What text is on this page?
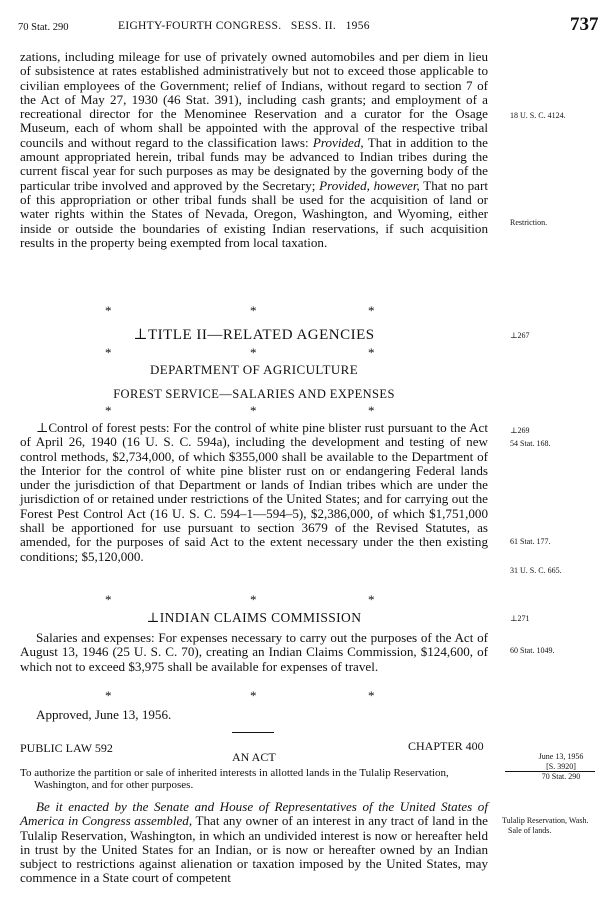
70 Stat. 290	EIGHTY-FOURTH CONGRESS.   SESS. II.   1956	737

zations, including mileage for use of privately owned automobiles and per diem in lieu of subsistence at rates established administratively but not to exceed those applicable to civilian employees of the Government; relief of Indians, without regard to section 7 of the Act of May 27, 1930 (46 Stat. 391), including cash grants; and employment of a recreational director for the Menominee Reservation and a curator for the Osage Museum, each of whom shall be appointed with the approval of the respective tribal councils and without regard to the classification laws: Provided, That in addition to the amount appropriated herein, tribal funds may be advanced to Indian tribes during the current fiscal year for such purposes as may be designated by the governing body of the particular tribe involved and approved by the Secretary; Provided, however, That no part of this appropriation or other tribal funds shall be used for the acquisition of land or water rights within the States of Nevada, Oregon, Washington, and Wyoming, either inside or outside the boundaries of existing Indian reservations, if such acquisition results in the property being exempted from local taxation.

*	*	*
⊥TITLE II—RELATED AGENCIES
*	*	*
DEPARTMENT OF AGRICULTURE
FOREST SERVICE—SALARIES AND EXPENSES
*	*	*

⊥Control of forest pests: For the control of white pine blister rust pursuant to the Act of April 26, 1940 (16 U. S. C. 594a), including the development and testing of new control methods, $2,734,000, of which $355,000 shall be available to the Department of the Interior for the control of white pine blister rust on or endangering Federal lands under the jurisdiction of that Department or lands of Indian tribes which are under the jurisdiction of or retained under restrictions of the United States; and for carrying out the Forest Pest Control Act (16 U. S. C. 594–1—594–5), $2,386,000, of which $1,751,000 shall be apportioned for use pursuant to section 3679 of the Revised Statutes, as amended, for the purposes of said Act to the extent necessary under the then existing conditions; $5,120,000.

*	*	*
⊥INDIAN CLAIMS COMMISSION

Salaries and expenses: For expenses necessary to carry out the purposes of the Act of August 13, 1946 (25 U. S. C. 70), creating an Indian Claims Commission, $124,600, of which not to exceed $3,975 shall be available for expenses of travel.

*	*	*
Approved, June 13, 1956.
PUBLIC LAW 592	CHAPTER 400
AN ACT

To authorize the partition or sale of inherited interests in allotted lands in the Tulalip Reservation, Washington, and for other purposes.

Be it enacted by the Senate and House of Representatives of the United States of America in Congress assembled, That any owner of an interest in any tract of land in the Tulalip Reservation, Washington, in which an undivided interest is now or hereafter held in trust by the United States for an Indian, or is now or hereafter owned by an Indian subject to restrictions against alienation or taxation imposed by the United States, may commence in a State court of competent

18 U. S. C. 4124.
Restriction.
⊥267
⊥269
54 Stat. 168.
61 Stat. 177.
31 U. S. C. 665.
⊥271
60 Stat. 1049.
June 13, 1956
[S. 3920]
70 Stat. 290
Tulalip Reservation, Wash.
Sale of lands.
